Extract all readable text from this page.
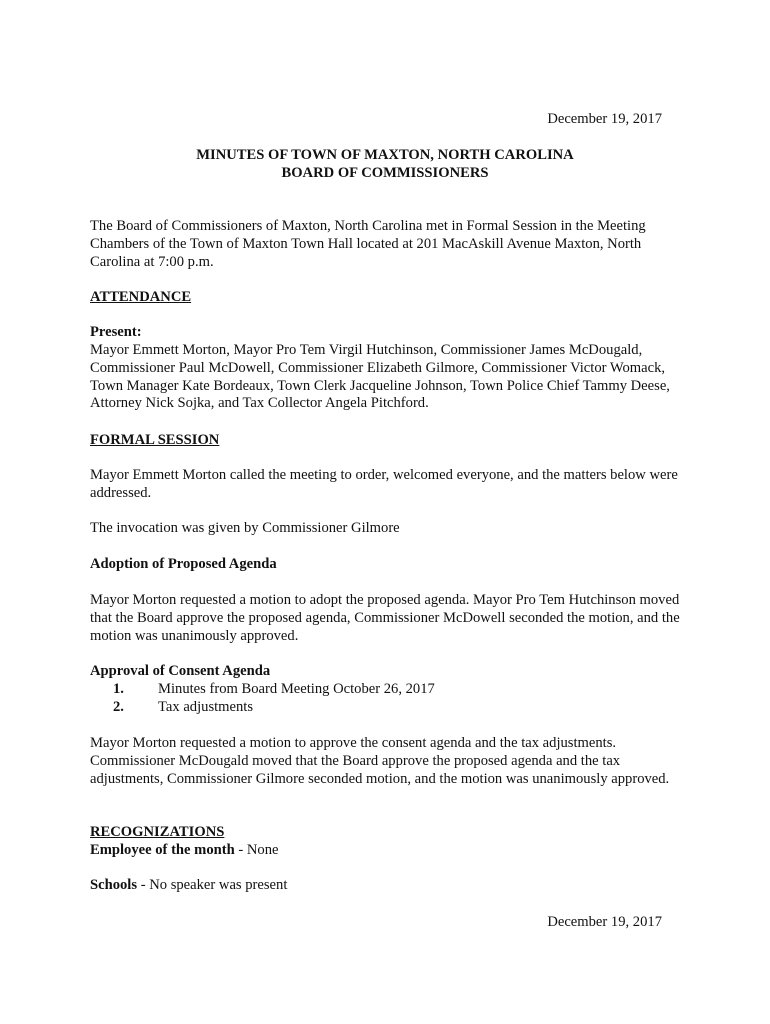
December 19, 2017
MINUTES OF TOWN OF MAXTON, NORTH CAROLINA
BOARD OF COMMISSIONERS
The Board of Commissioners of Maxton, North Carolina met in Formal Session in the Meeting Chambers of the Town of Maxton Town Hall located at 201 MacAskill Avenue Maxton, North Carolina at 7:00 p.m.
ATTENDANCE
Present:
Mayor Emmett Morton, Mayor Pro Tem Virgil Hutchinson, Commissioner James McDougald, Commissioner Paul McDowell, Commissioner Elizabeth Gilmore, Commissioner Victor Womack, Town Manager Kate Bordeaux, Town Clerk Jacqueline Johnson, Town Police Chief Tammy Deese, Attorney Nick Sojka, and Tax Collector Angela Pitchford.
FORMAL SESSION
Mayor Emmett Morton called the meeting to order, welcomed everyone, and the matters below were addressed.
The invocation was given by Commissioner Gilmore
Adoption of Proposed Agenda
Mayor Morton requested a motion to adopt the proposed agenda. Mayor Pro Tem Hutchinson moved that the Board approve the proposed agenda, Commissioner McDowell seconded the motion, and the motion was unanimously approved.
Approval of Consent Agenda
1. Minutes from Board Meeting October 26, 2017
2. Tax adjustments
Mayor Morton requested a motion to approve the consent agenda and the tax adjustments. Commissioner McDougald moved that the Board approve the proposed agenda and the tax adjustments, Commissioner Gilmore seconded motion, and the motion was unanimously approved.
RECOGNIZATIONS
Employee of the month - None
Schools - No speaker was present
December 19, 2017
